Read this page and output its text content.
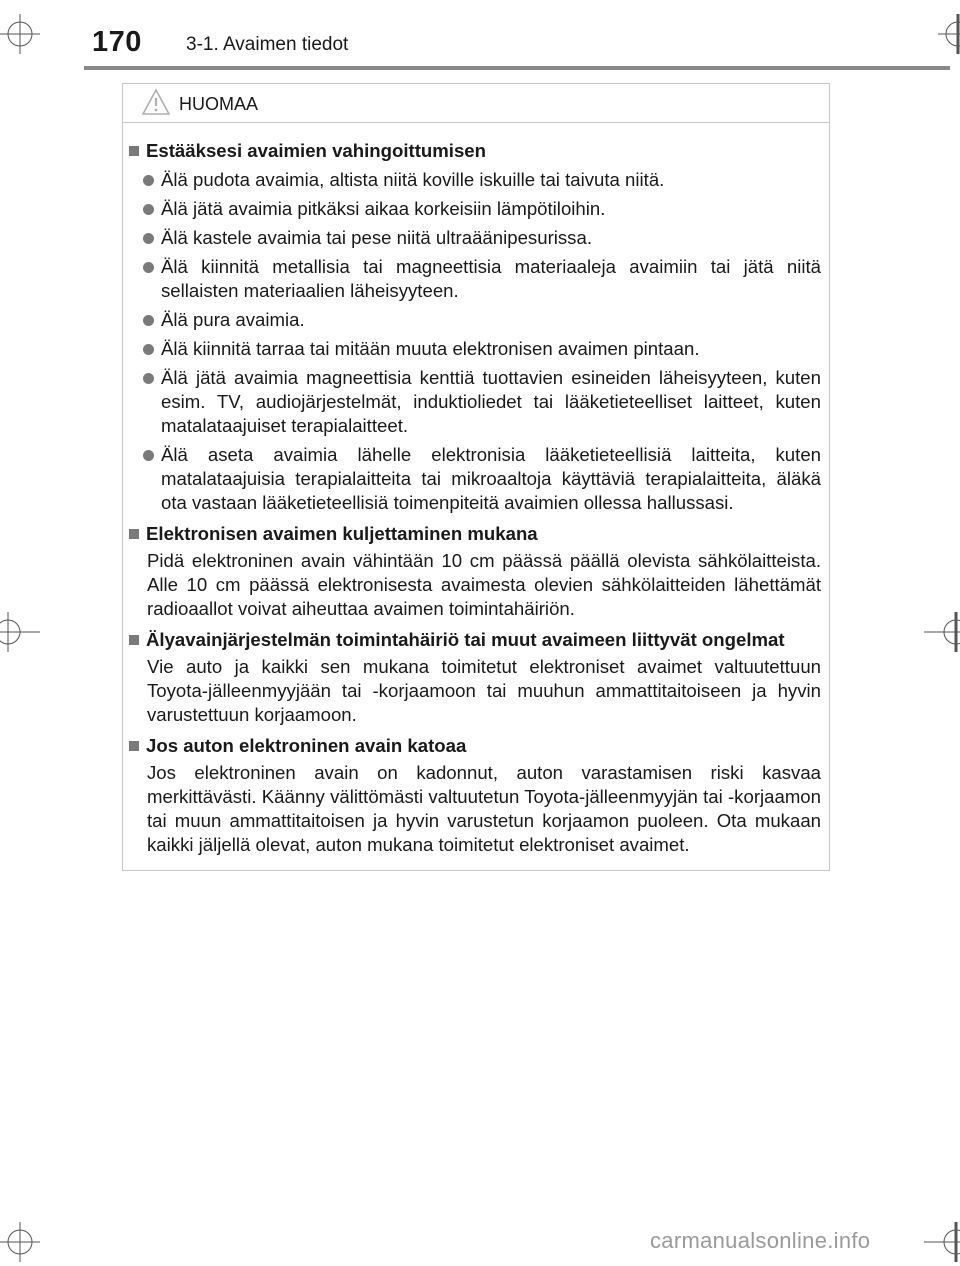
170 3-1. Avaimen tiedot
HUOMAA
Estääksesi avaimien vahingoittumisen
Älä pudota avaimia, altista niitä koville iskuille tai taivuta niitä.
Älä jätä avaimia pitkäksi aikaa korkeisiin lämpötiloihin.
Älä kastele avaimia tai pese niitä ultraäänipesurissa.
Älä kiinnitä metallisia tai magneettisia materiaaleja avaimiin tai jätä niitä sellaisten materiaalien läheisyyteen.
Älä pura avaimia.
Älä kiinnitä tarraa tai mitään muuta elektronisen avaimen pintaan.
Älä jätä avaimia magneettisia kenttiä tuottavien esineiden läheisyyteen, kuten esim. TV, audiojärjestelmät, induktioliedet tai lääketieteelliset laitteet, kuten matalataajuiset terapialaitteet.
Älä aseta avaimia lähelle elektronisia lääketieteellisiä laitteita, kuten matalataajuisia terapialaitteita tai mikroaaltoja käyttäviä terapialaitteita, äläkä ota vastaan lääketieteellisiä toimenpiteitä avaimien ollessa hallussasi.
Elektronisen avaimen kuljettaminen mukana
Pidä elektroninen avain vähintään 10 cm päässä päällä olevista sähkölaitteista. Alle 10 cm päässä elektronisesta avaimesta olevien sähkölaitteiden lähettämät radioaallot voivat aiheuttaa avaimen toimintahäiriön.
Älyavainjärjestelmän toimintahäiriö tai muut avaimeen liittyvät ongelmat
Vie auto ja kaikki sen mukana toimitetut elektroniset avaimet valtuutettuun Toyota-jälleenmyyjään tai -korjaamoon tai muuhun ammattitaitoiseen ja hyvin varustettuun korjaamoon.
Jos auton elektroninen avain katoaa
Jos elektroninen avain on kadonnut, auton varastamisen riski kasvaa merkittävästi. Käänny välittömästi valtuutetun Toyota-jälleenmyyjän tai -korjaamon tai muun ammattitaitoisen ja hyvin varustetun korjaamon puoleen. Ota mukaan kaikki jäljellä olevat, auton mukana toimitetut elektroniset avaimet.
carmanualsonline.info
